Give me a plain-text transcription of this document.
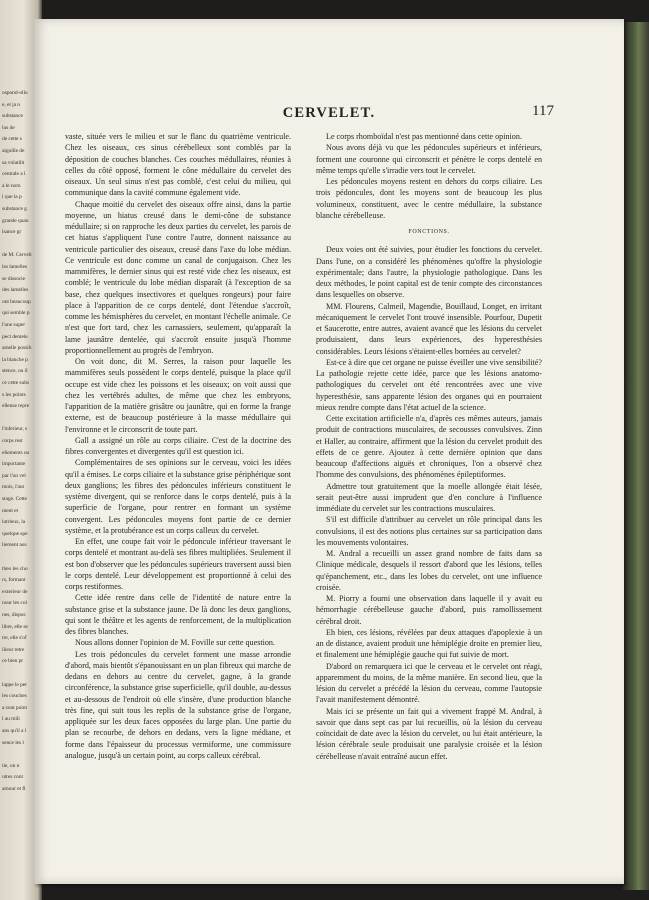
ospond-ollo
e, et ja n
substance
lus de
de cette s
aiguille de
sa volatilit
centrale a l
a le nom
l que la p
substance g
grande quan
lsance gr
de M. Cerveli
les lamelles
se dissocie
des lamelles
ont beaucoup
qui semble p
l'une super
pect dentele
amelle possib
la blanche p
stence, ou il
ce cette subs
s les points
elleuse repre
l'inferieur, s
corps rest
eliements ou
importante
par l'un vel
mois, l'aut
stage. Cette
ment et
lutrieux, la
quelque spe
liement aus
theo les cho
rs, formant
exterieur de
nour les col
nes, dispos
libre, elle se
tre, elle s'of
ilieur retre
ce bien pr
lappe le per
les couches
a sont point
l au mili
ans qu'il a l
sence les l
tie, on n
utres cont
amour et fl
CERVELET.	117

vaste, située vers le milieu et sur le flanc du quatrième ventricule. Chez les oiseaux, ces sinus cérébelleux sont comblés par la déposition de couches blanches. Ces couches médullaires, réunies à celles du côté opposé, forment le cône médullaire du cervelet des oiseaux. Un seul sinus n'est pas comblé, c'est celui du milieu, qui communique dans la cavité commune également vide.

Chaque moitié du cervelet des oiseaux offre ainsi, dans la partie moyenne, un hiatus creusé dans le demi-cône de substance médullaire; si on rapproche les deux parties du cervelet, les parois de cet hiatus s'appliquent l'une contre l'autre, donnent naissance au ventricule particulier des oiseaux, creusé dans l'axe du lobe médian. Ce ventricule est donc comme un canal de conjugaison. Chez les mammifères, le dernier sinus qui est resté vide chez les oiseaux, est comblé; le ventricule du lobe médian disparaît (à l'exception de sa base, chez quelques insectivores et quelques rongeurs) pour faire place à l'apparition de ce corps dentelé, dont l'étendue s'accroît, comme les hémisphères du cervelet, en montant l'échelle animale. Ce n'est que fort tard, chez les carnassiers, seulement, qu'apparaît la lame jaunâtre dentelée, qui s'accroît ensuite jusqu'à l'homme proportionnellement au progrès de l'embryon.

On voit donc, dit M. Serres, la raison pour laquelle les mammifères seuls possèdent le corps dentelé, puisque la place qu'il occupe est vide chez les poissons et les oiseaux; on voit aussi que chez les vertébrés adultes, de même que chez les embryons, l'apparition de la matière grisâtre ou jaunâtre, qui en forme la frange externe, est de beaucoup postérieure à la masse médullaire qui l'environne et le circonscrit de toute part.

Gall a assigné un rôle au corps ciliaire. C'est de la doctrine des fibres convergentes et divergentes qu'il est question ici.

Complémentaires de ses opinions sur le cerveau, voici les idées qu'il a émises. Le corps ciliaire et la substance grise périphérique sont deux ganglions; les fibres des pédoncules inférieurs constituent le système divergent, qui se renforce dans le corps dentelé, puis à la superficie de l'organe, pour rentrer en formant un système convergent. Les pédoncules moyens font partie de ce dernier système, et la protubérance est un corps calleux du cervelet.

En effet, une coupe fait voir le pédoncule inférieur traversant le corps dentelé et montrant au-delà ses fibres multipliées. Seulement il est bon d'observer que les pédoncules supérieurs traversent aussi bien le corps dentelé. Leur développement est proportionné à celui des corps restiformes.

Cette idée rentre dans celle de l'identité de nature entre la substance grise et la substance jaune. De là donc les deux ganglions, qui sont le théâtre et les agents de renforcement, de la multiplication des fibres blanches.

Nous allons donner l'opinion de M. Foville sur cette question.

Les trois pédoncules du cervelet forment une masse arrondie d'abord, mais bientôt s'épanouissant en un plan fibreux qui marche de dedans en dehors au centre du cervelet, gagne, à la grande circonférence, la substance grise superficielle, qu'il double, au-dessus et au-dessous de l'endroit où elle s'insère, d'une production blanche très fine, qui suit tous les replis de la substance grise de l'organe, appliquée sur les deux faces opposées du large plan. Une partie du plan se recourbe, de dehors en dedans, vers la ligne médiane, et forme dans l'épaisseur du processus vermiforme, une commissure analogue, jusqu'à un certain point, au corps calleux cérébral.

Le corps rhomboïdal n'est pas mentionné dans cette opinion.

Nous avons déjà vu que les pédoncules supérieurs et inférieurs, forment une couronne qui circonscrit et pénètre le corps dentelé en même temps qu'elle s'irradie vers tout le cervelet.

Les pédoncules moyens restent en dehors du corps ciliaire. Les trois pédoncules, dont les moyens sont de beaucoup les plus volumineux, constituent, avec le centre médullaire, la substance blanche cérébelleuse.

FONCTIONS.

Deux voies ont été suivies, pour étudier les fonctions du cervelet. Dans l'une, on a considéré les phénomènes qu'offre la physiologie expérimentale; dans l'autre, la physiologie pathologique. Dans les deux méthodes, le point capital est de tenir compte des circonstances dans lesquelles on observe.

MM. Flourens, Calmeil, Magendie, Bouillaud, Longet, en irritant mécaniquement le cervelet l'ont trouvé insensible. Pourfour, Dupetit et Saucerotte, entre autres, avaient avancé que les lésions du cervelet produisaient, dans leurs expériences, des hyperesthésies considérables. Leurs lésions s'étaient-elles bornées au cervelet?

Est-ce à dire que cet organe ne puisse éveiller une vive sensibilité? La pathologie rejette cette idée, parce que les lésions anatomo-pathologiques du cervelet ont été rencontrées avec une vive hyperesthésie, sans apparente lésion des organes qui en pourraient mieux rendre compte dans l'état actuel de la science.

Cette excitation artificielle n'a, d'après ces mêmes auteurs, jamais produit de contractions musculaires, de secousses convulsives. Zinn et Haller, au contraire, affirment que la lésion du cervelet produit des effets de ce genre. Ajoutez à cette dernière opinion que dans beaucoup d'affections aiguës et chroniques, l'on a observé chez l'homme des convulsions, des phénomènes épileptiformes.

Admettre tout gratuitement que la moelle allongée était lésée, serait peut-être aussi imprudent que d'en conclure à l'influence immédiate du cervelet sur les contractions musculaires.

S'il est difficile d'attribuer au cervelet un rôle principal dans les convulsions, il est des notions plus certaines sur sa participation dans les mouvements volontaires.

M. Andral a recueilli un assez grand nombre de faits dans sa Clinique médicale, desquels il ressort d'abord que les lésions, telles qu'épanchement, etc., dans les lobes du cervelet, ont une influence croisée.

M. Piorry a fourni une observation dans laquelle il y avait eu hémorrhagie cérébelleuse gauche d'abord, puis ramollissement cérébral droit.

Eh bien, ces lésions, révélées par deux attaques d'apoplexie à un an de distance, avaient produit une hémiplégie droite en premier lieu, et finalement une hémiplégie gauche qui fut suivie de mort.

D'abord on remarquera ici que le cerveau et le cervelet ont réagi, apparemment du moins, de la même manière. En second lieu, que la lésion du cervelet a précédé la lésion du cerveau, comme l'autopsie l'avait manifestement démontré.

Mais ici se présente un fait qui a vivement frappé M. Andral, à savoir que dans sept cas par lui recueillis, où la lésion du cerveau coïncidait de date avec la lésion du cervelet, ou lui était antérieure, la lésion cérébrale seule produisait une paralysie croisée et la lésion cérébelleuse n'avait entraîné aucun effet.
